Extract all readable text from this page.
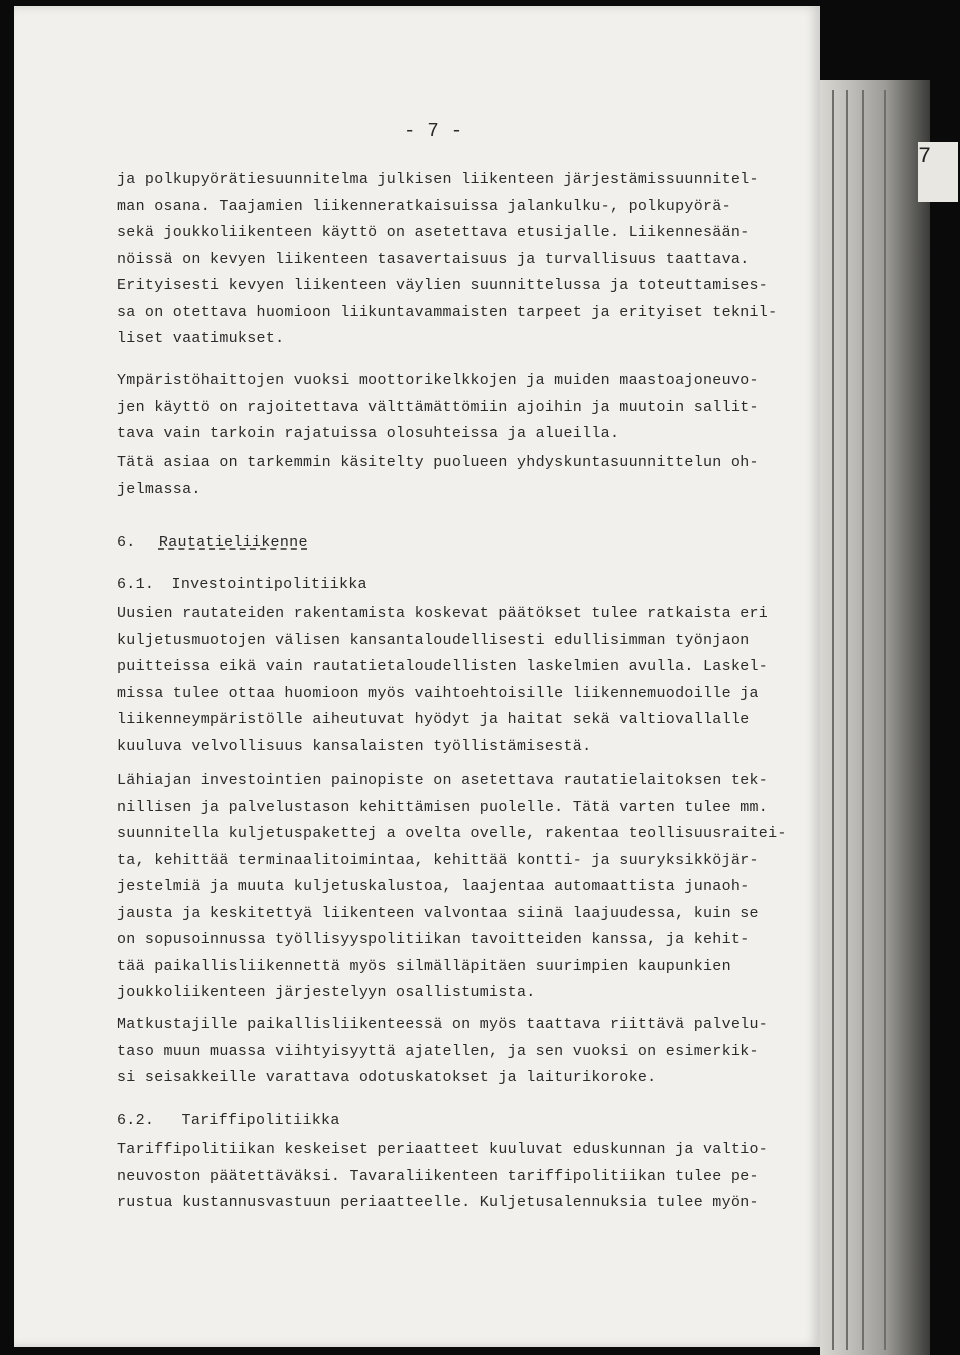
7
- 7 -
ja polkupyörätiesuunnitelma julkisen liikenteen järjestämissuunnitel-
man osana. Taajamien liikenneratkaisuissa jalankulku-, polkupyörä-
sekä joukkoliikenteen käyttö on asetettava etusijalle. Liikennesään-
nöissä on kevyen liikenteen tasavertaisuus ja turvallisuus taattava.
Erityisesti kevyen liikenteen väylien suunnittelussa ja toteuttamises-
sa on otettava huomioon liikuntavammaisten tarpeet ja erityiset teknil-
liset vaatimukset.
Ympäristöhaittojen vuoksi moottorikelkkojen ja muiden maastoajoneuvo-
jen käyttö on rajoitettava välttämättömiin ajoihin ja muutoin sallit-
tava vain tarkoin rajatuissa olosuhteissa ja alueilla.
Tätä asiaa on tarkemmin käsitelty puolueen yhdyskuntasuunnittelun oh-
jelmassa.
6. Rautatieliikenne
6.1. Investointipolitiikka
Uusien rautateiden rakentamista koskevat päätökset tulee ratkaista eri
kuljetusmuotojen välisen kansantaloudellisesti edullisimman työnjaon
puitteissa eikä vain rautatietaloudellisten laskelmien avulla. Laskel-
missa tulee ottaa huomioon myös vaihtoehtoisille liikennemuodoille ja
liikenneympäristölle aiheutuvat hyödyt ja haitat sekä valtiovallalle
kuuluva velvollisuus kansalaisten työllistämisestä.
Lähiajan investointien painopiste on asetettava rautatielaitoksen tek-
nillisen ja palvelustason kehittämisen puolelle. Tätä varten tulee mm.
suunnitella kuljetuspakettej a ovelta ovelle, rakentaa teollisuusraitei-
ta, kehittää terminaalitoimintaa, kehittää kontti- ja suuryksikköjär-
jestelmiä ja muuta kuljetuskalustoa, laajentaa automaattista junaoh-
jausta ja keskitettyä liikenteen valvontaa siinä laajuudessa, kuin se
on sopusoinnussa työllisyyspolitiikan tavoitteiden kanssa, ja kehit-
tää paikallisliikennettä myös silmälläpitäen suurimpien kaupunkien
joukkoliikenteen järjestelyyn osallistumista.
Matkustajille paikallisliikenteessä on myös taattava riittävä palvelu-
taso muun muassa viihtyisyyttä ajatellen, ja sen vuoksi on esimerkik-
si seisakkeille varattava odotuskatokset ja laiturikoroke.
6.2. Tariffipolitiikka
Tariffipolitiikan keskeiset periaatteet kuuluvat eduskunnan ja valtio-
neuvoston päätettäväksi. Tavaraliikenteen tariffipolitiikan tulee pe-
rustua kustannusvastuun periaatteelle. Kuljetusalennuksia tulee myön-
